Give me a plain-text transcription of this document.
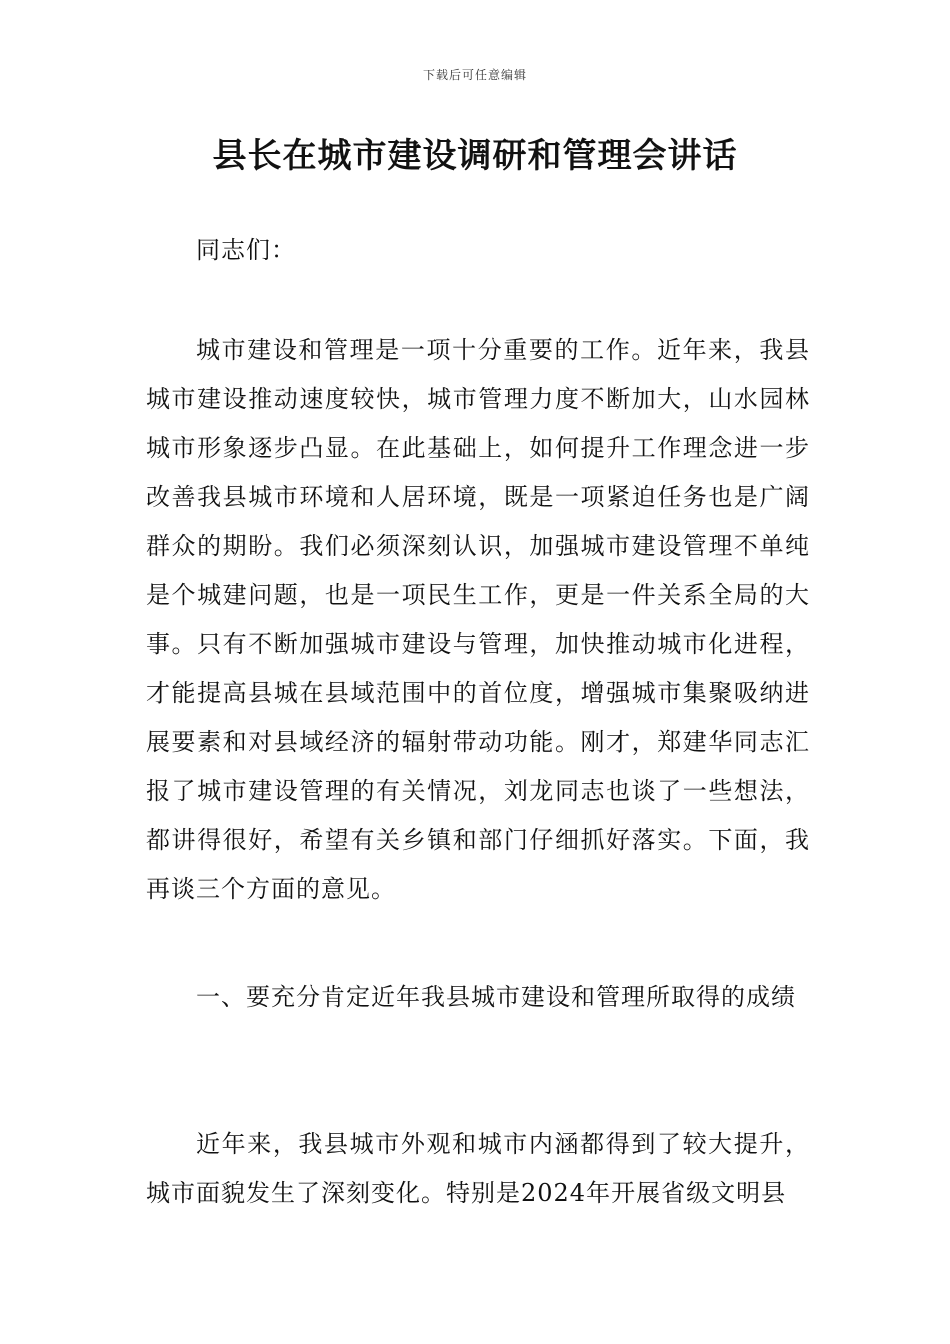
下载后可任意编辑
县长在城市建设调研和管理会讲话

同志们：

城市建设和管理是一项十分重要的工作。近年来，我县城市建设推动速度较快，城市管理力度不断加大，山水园林城市形象逐步凸显。在此基础上，如何提升工作理念进一步改善我县城市环境和人居环境，既是一项紧迫任务也是广阔群众的期盼。我们必须深刻认识，加强城市建设管理不单纯是个城建问题，也是一项民生工作，更是一件关系全局的大事。只有不断加强城市建设与管理，加快推动城市化进程，才能提高县城在县域范围中的首位度，增强城市集聚吸纳进展要素和对县域经济的辐射带动功能。刚才，郑建华同志汇报了城市建设管理的有关情况，刘龙同志也谈了一些想法，都讲得很好，希望有关乡镇和部门仔细抓好落实。下面，我再谈三个方面的意见。

一、要充分肯定近年我县城市建设和管理所取得的成绩

近年来，我县城市外观和城市内涵都得到了较大提升，城市面貌发生了深刻变化。特别是2024年开展省级文明县
